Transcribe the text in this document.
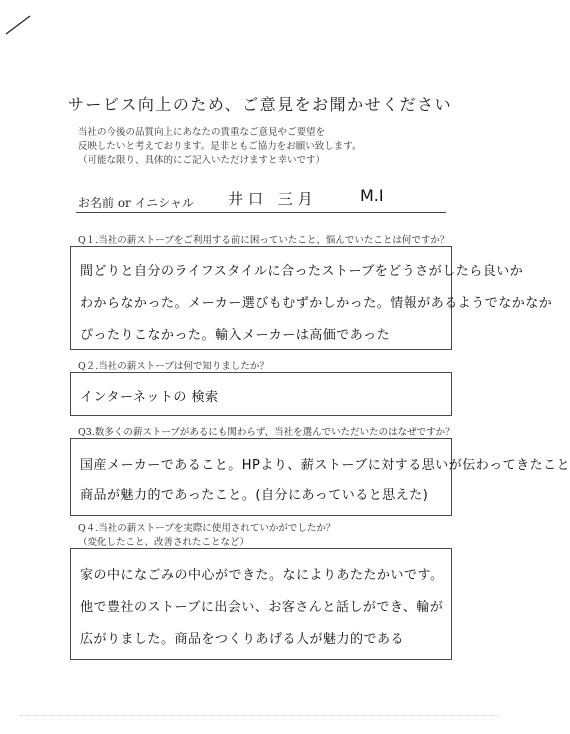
サービス向上のため、ご意見をお聞かせください
当社の今後の品質向上にあなたの貴重なご意見やご要望を
反映したいと考えております。是非ともご協力をお願い致します。
（可能な限り、具体的にご記入いただけますと幸いです）
お名前 or イニシャル 井口 三月	M.I
Q１.当社の薪ストーブをご利用する前に困っていたこと、悩んでいたことは何ですか？
間どりと自分のライフスタイルに合ったストーブをどうさがしたら良いか
わからなかった。メーカー選びもむずかしかった。情報があるようでなかなか
ぴったりこなかった。輸入メーカーは高価であった
Q２.当社の薪ストーブは何で知りましたか？
インターネットの 検索
Q3.数多くの薪ストーブがあるにも関わらず、当社を選んでいただいたのはなぜですか？
国産メーカーであること。HPより、薪ストーブに対する思いが伝わってきたこと
商品が魅力的であったこと。(自分にあっていると思えた)
Q４.当社の薪ストーブを実際に使用されていかがでしたか？
（変化したこと、改善されたことなど）
家の中になごみの中心ができた。なによりあたたかいです。
他で豊社のストーブに出会い、お客さんと話しができ、輪が
広がりました。商品をつくりあげる人が魅力的である
